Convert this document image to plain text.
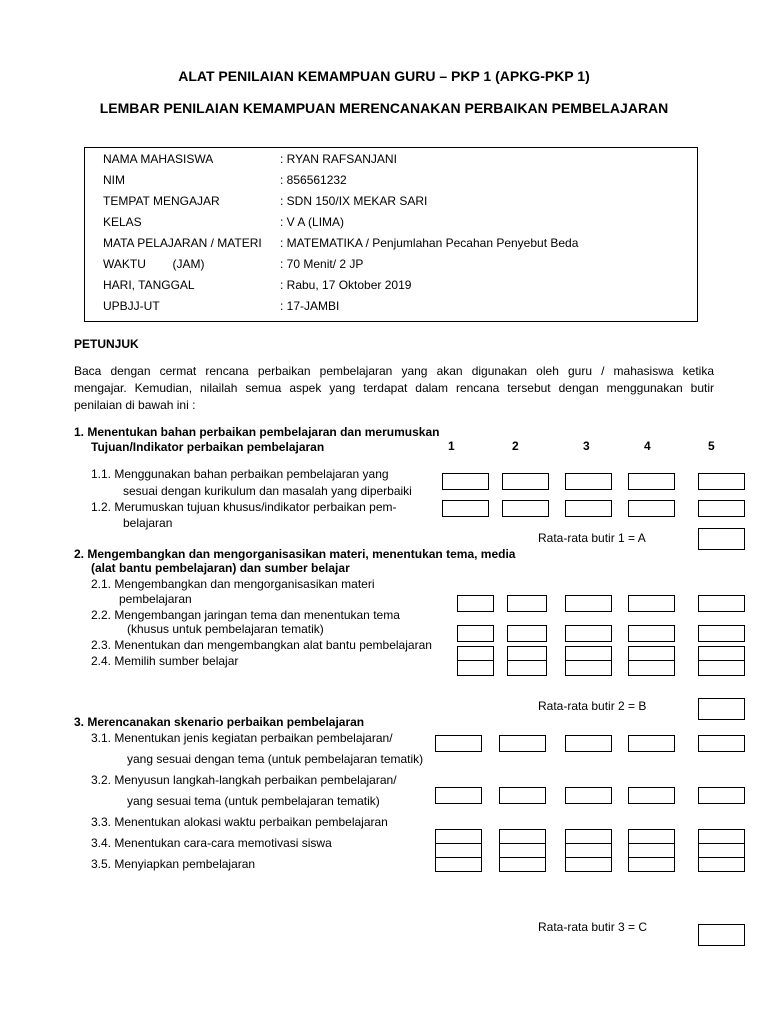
ALAT PENILAIAN KEMAMPUAN GURU – PKP 1 (APKG-PKP 1)
LEMBAR PENILAIAN KEMAMPUAN MERENCANAKAN PERBAIKAN PEMBELAJARAN
NAMA MAHASISWA	: RYAN RAFSANJANI
NIM	: 856561232
TEMPAT MENGAJAR	: SDN 150/IX MEKAR SARI
KELAS	: V A (LIMA)
MATA PELAJARAN / MATERI : MATEMATIKA / Penjumlahan Pecahan Penyebut Beda
WAKTU        (JAM)	: 70 Menit/ 2 JP
HARI, TANGGAL	: Rabu, 17 Oktober 2019
UPBJJ-UT	: 17-JAMBI
PETUNJUK
Baca dengan cermat rencana perbaikan pembelajaran yang akan digunakan oleh guru / mahasiswa ketika
mengajar. Kemudian, nilailah semua aspek yang terdapat dalam rencana tersebut dengan menggunakan butir
penilaian di bawah ini :
1. Menentukan bahan perbaikan pembelajaran dan merumuskan
Tujuan/Indikator perbaikan pembelajaran	1	2	3	4	5
1.1. Menggunakan bahan perbaikan pembelajaran yang
sesuai dengan kurikulum dan masalah yang diperbaiki
1.2. Merumuskan tujuan khusus/indikator perbaikan pem-
belajaran
Rata-rata butir 1 = A
2. Mengembangkan dan mengorganisasikan materi, menentukan tema, media
(alat bantu pembelajaran) dan sumber belajar
2.1. Mengembangkan dan mengorganisasikan materi
pembelajaran
2.2. Mengembangan jaringan tema dan menentukan tema
(khusus untuk pembelajaran tematik)
2.3. Menentukan dan mengembangkan alat bantu pembelajaran
2.4. Memilih sumber belajar
Rata-rata butir 2 = B
3. Merencanakan skenario perbaikan pembelajaran
3.1. Menentukan jenis kegiatan perbaikan pembelajaran/
yang sesuai dengan tema (untuk pembelajaran tematik)
3.2. Menyusun langkah-langkah perbaikan pembelajaran/
yang sesuai tema (untuk pembelajaran tematik)
3.3. Menentukan alokasi waktu perbaikan pembelajaran
3.4. Menentukan cara-cara memotivasi siswa
3.5. Menyiapkan pembelajaran
Rata-rata butir 3 = C
